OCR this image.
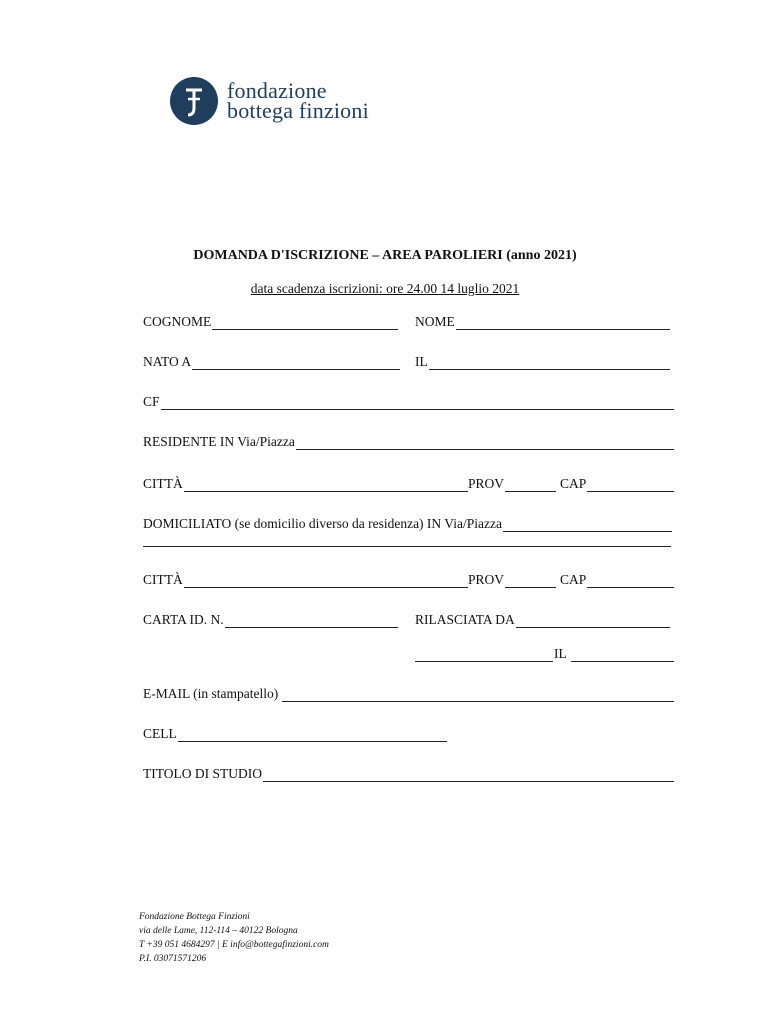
fondazione
bottega finzioni
DOMANDA D'ISCRIZIONE – AREA PAROLIERI (anno 2021)
data scadenza iscrizioni: ore 24.00 14 luglio 2021
COGNOME	NOME
NATO A	IL
CF
RESIDENTE IN Via/Piazza
CITTÀ	PROV	CAP
DOMICILIATO (se domicilio diverso da residenza) IN Via/Piazza
CITTÀ	PROV	CAP
CARTA ID. N.	RILASCIATA DA
IL
E-MAIL (in stampatello)
CELL
TITOLO DI STUDIO
Fondazione Bottega Finzioni
via delle Lame, 112-114 – 40122 Bologna
T +39 051 4684297 | E info@bottegafinzioni.com
P.I. 03071571206
